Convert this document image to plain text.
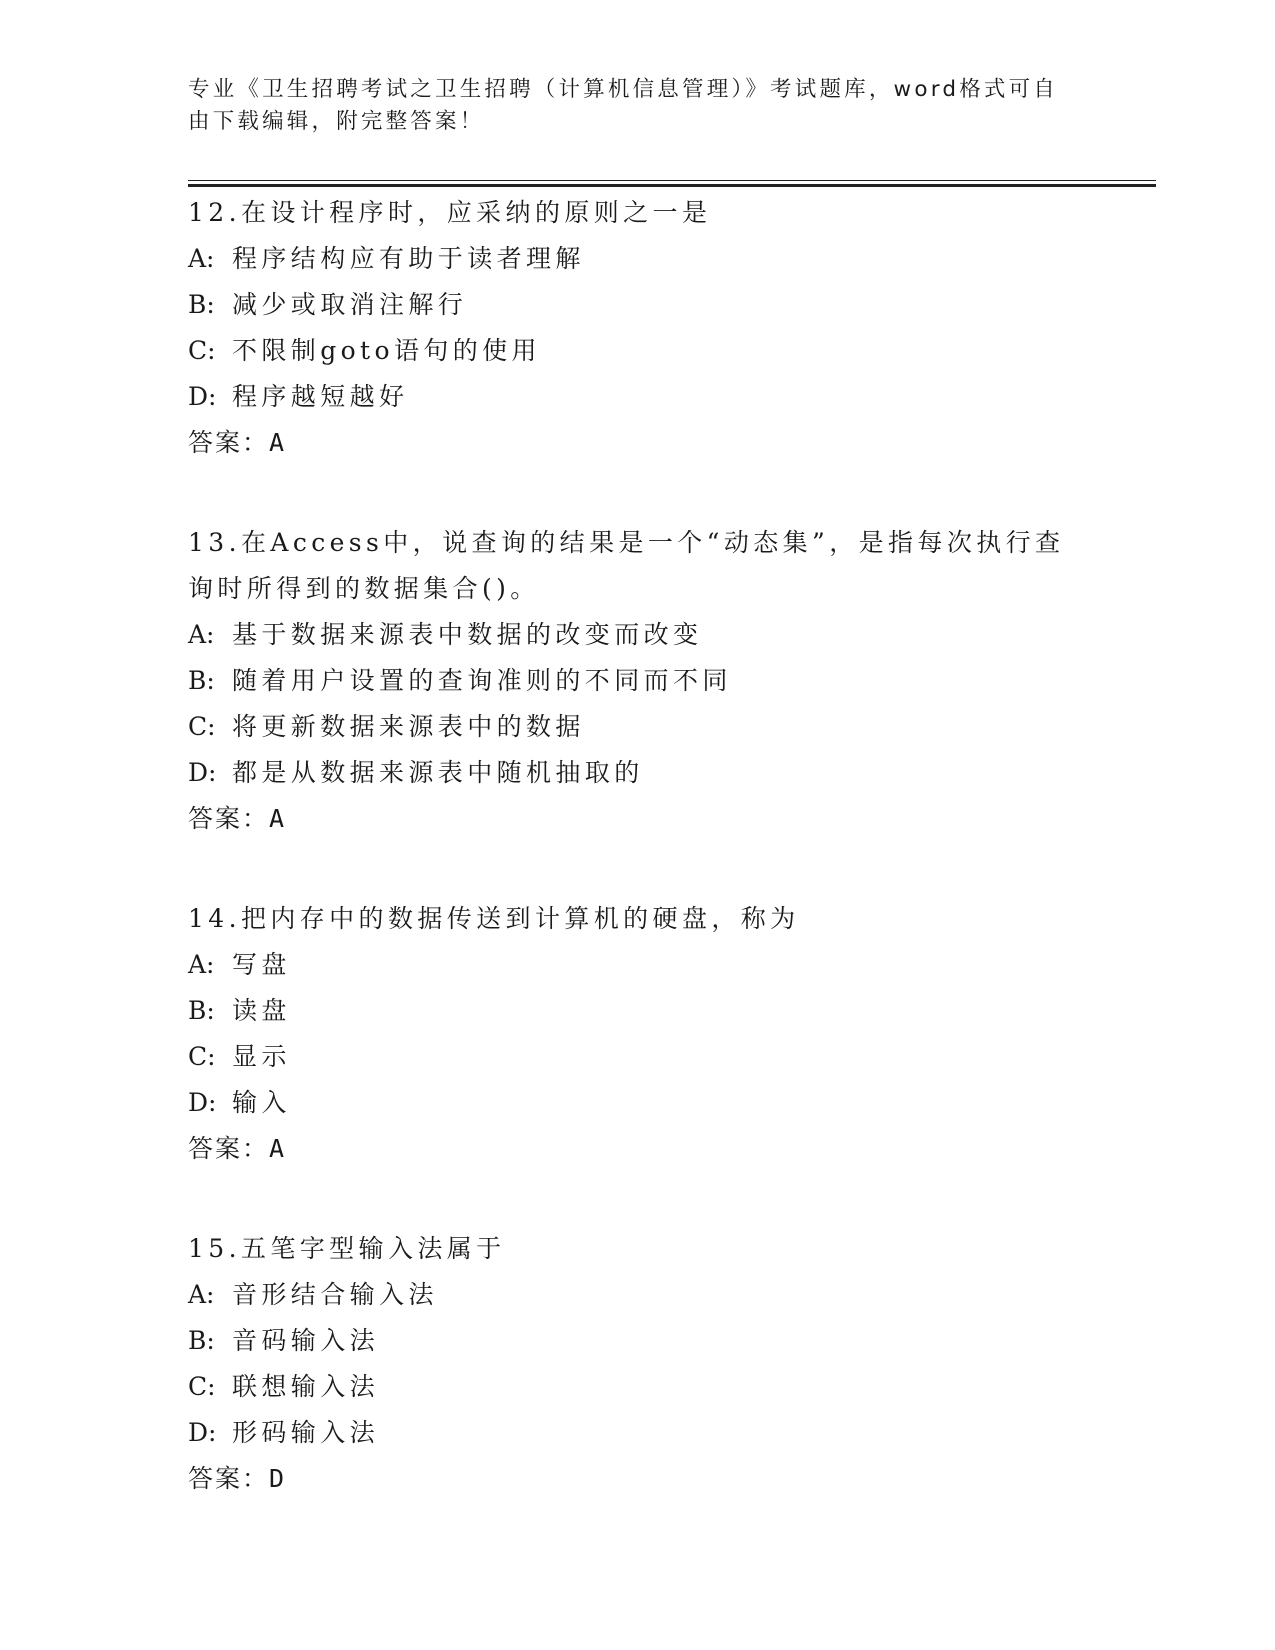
专业《卫生招聘考试之卫生招聘（计算机信息管理）》考试题库，word格式可自由下载编辑，附完整答案！
12.在设计程序时，应采纳的原则之一是
A: 程序结构应有助于读者理解
B: 减少或取消注解行
C: 不限制goto语句的使用
D: 程序越短越好
答案：A
13.在Access中，说查询的结果是一个“动态集”，是指每次执行查
询时所得到的数据集合()。
A: 基于数据来源表中数据的改变而改变
B: 随着用户设置的查询准则的不同而不同
C: 将更新数据来源表中的数据
D: 都是从数据来源表中随机抽取的
答案：A
14.把内存中的数据传送到计算机的硬盘，称为
A: 写盘
B: 读盘
C: 显示
D: 输入
答案：A
15.五笔字型输入法属于
A: 音形结合输入法
B: 音码输入法
C: 联想输入法
D: 形码输入法
答案：D
